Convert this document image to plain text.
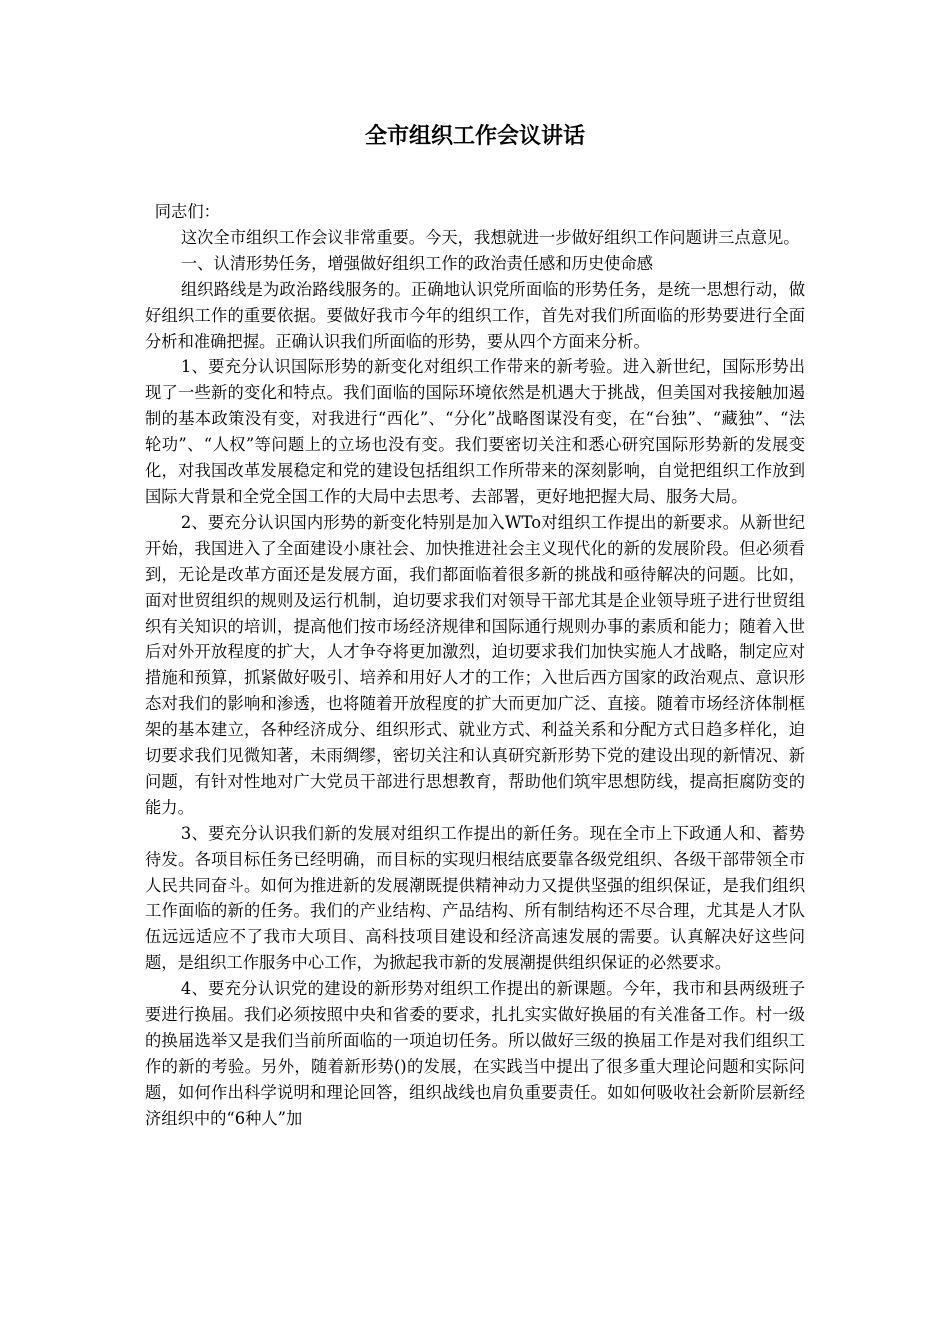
全市组织工作会议讲话

同志们：

这次全市组织工作会议非常重要。今天，我想就进一步做好组织工作问题讲三点意见。

一、认清形势任务，增强做好组织工作的政治责任感和历史使命感

组织路线是为政治路线服务的。正确地认识党所面临的形势任务，是统一思想行动，做好组织工作的重要依据。要做好我市今年的组织工作，首先对我们所面临的形势要进行全面分析和准确把握。正确认识我们所面临的形势，要从四个方面来分析。

1、要充分认识国际形势的新变化对组织工作带来的新考验。进入新世纪，国际形势出现了一些新的变化和特点。我们面临的国际环境依然是机遇大于挑战，但美国对我接触加遏制的基本政策没有变，对我进行“西化”、“分化”战略图谋没有变，在“台独”、“藏独”、“法轮功”、“人权”等问题上的立场也没有变。我们要密切关注和悉心研究国际形势新的发展变化，对我国改革发展稳定和党的建设包括组织工作所带来的深刻影响，自觉把组织工作放到国际大背景和全党全国工作的大局中去思考、去部署，更好地把握大局、服务大局。

2、要充分认识国内形势的新变化特别是加入WTo对组织工作提出的新要求。从新世纪开始，我国进入了全面建设小康社会、加快推进社会主义现代化的新的发展阶段。但必须看到，无论是改革方面还是发展方面，我们都面临着很多新的挑战和亟待解决的问题。比如，面对世贸组织的规则及运行机制，迫切要求我们对领导干部尤其是企业领导班子进行世贸组织有关知识的培训，提高他们按市场经济规律和国际通行规则办事的素质和能力；随着入世后对外开放程度的扩大，人才争夺将更加激烈，迫切要求我们加快实施人才战略，制定应对措施和预算，抓紧做好吸引、培养和用好人才的工作；入世后西方国家的政治观点、意识形态对我们的影响和渗透，也将随着开放程度的扩大而更加广泛、直接。随着市场经济体制框架的基本建立，各种经济成分、组织形式、就业方式、利益关系和分配方式日趋多样化，迫切要求我们见微知著，未雨绸缪，密切关注和认真研究新形势下党的建设出现的新情况、新问题，有针对性地对广大党员干部进行思想教育，帮助他们筑牢思想防线，提高拒腐防变的能力。

3、要充分认识我们新的发展对组织工作提出的新任务。现在全市上下政通人和、蓄势待发。各项目标任务已经明确，而目标的实现归根结底要靠各级党组织、各级干部带领全市人民共同奋斗。如何为推进新的发展潮既提供精神动力又提供坚强的组织保证，是我们组织工作面临的新的任务。我们的产业结构、产品结构、所有制结构还不尽合理，尤其是人才队伍远远适应不了我市大项目、高科技项目建设和经济高速发展的需要。认真解决好这些问题，是组织工作服务中心工作，为掀起我市新的发展潮提供组织保证的必然要求。

4、要充分认识党的建设的新形势对组织工作提出的新课题。今年，我市和县两级班子要进行换届。我们必须按照中央和省委的要求，扎扎实实做好换届的有关准备工作。村一级的换届选举又是我们当前所面临的一项迫切任务。所以做好三级的换届工作是对我们组织工作的新的考验。另外，随着新形势()的发展，在实践当中提出了很多重大理论问题和实际问题，如何作出科学说明和理论回答，组织战线也肩负重要责任。如如何吸收社会新阶层新经济组织中的“6种人”加
